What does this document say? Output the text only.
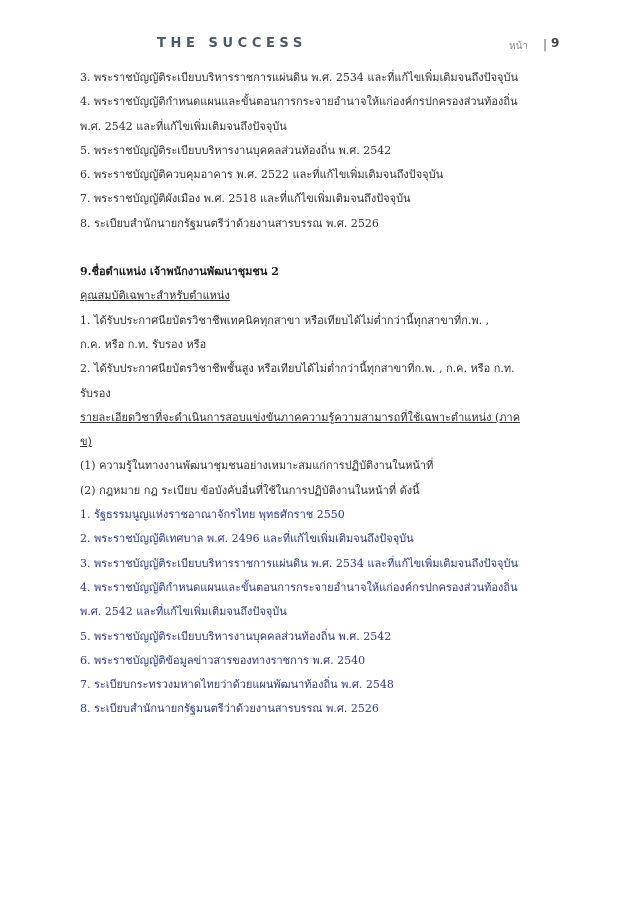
THE SUCCESS	หน้า | 9
3. พระราชบัญญัติระเบียบบริหารราชการแผ่นดิน พ.ศ. 2534 และที่แก้ไขเพิ่มเติมจนถึงปัจจุบัน
4. พระราชบัญญัติกำหนดแผนและขั้นตอนการกระจายอำนาจให้แก่องค์กรปกครองส่วนท้องถิ่น
พ.ศ. 2542 และที่แก้ไขเพิ่มเติมจนถึงปัจจุบัน
5. พระราชบัญญัติระเบียบบริหารงานบุคคลส่วนท้องถิ่น พ.ศ. 2542
6. พระราชบัญญัติควบคุมอาคาร พ.ศ. 2522 และที่แก้ไขเพิ่มเติมจนถึงปัจจุบัน
7. พระราชบัญญัติผังเมือง พ.ศ. 2518 และที่แก้ไขเพิ่มเติมจนถึงปัจจุบัน
8. ระเบียบสำนักนายกรัฐมนตรีว่าด้วยงานสารบรรณ พ.ศ. 2526
9.ชื่อตำแหน่ง เจ้าพนักงานพัฒนาชุมชน 2
คุณสมบัติเฉพาะสำหรับตำแหน่ง
1. ได้รับประกาศนียบัตรวิชาชีพเทคนิคทุกสาขา หรือเทียบได้ไม่ต่ำกว่านี้ทุกสาขาที่ก.พ. ,
ก.ค. หรือ ก.ท. รับรอง หรือ
2. ได้รับประกาศนียบัตรวิชาชีพชั้นสูง หรือเทียบได้ไม่ต่ำกว่านี้ทุกสาขาที่ก.พ. , ก.ค. หรือ ก.ท.
รับรอง
รายละเอียดวิชาที่จะดำเนินการสอบแข่งขันภาคความรู้ความสามารถที่ใช้เฉพาะตำแหน่ง (ภาค
ข)
(1) ความรู้ในทางงานพัฒนาชุมชนอย่างเหมาะสมแก่การปฏิบัติงานในหน้าที่
(2) กฎหมาย กฎ ระเบียบ ข้อบังคับอื่นที่ใช้ในการปฏิบัติงานในหน้าที่ ดังนี้
1. รัฐธรรมนูญแห่งราชอาณาจักรไทย พุทธศักราช 2550
2. พระราชบัญญัติเทศบาล พ.ศ. 2496 และที่แก้ไขเพิ่มเติมจนถึงปัจจุบัน
3. พระราชบัญญัติระเบียบบริหารราชการแผ่นดิน พ.ศ. 2534 และที่แก้ไขเพิ่มเติมจนถึงปัจจุบัน
4. พระราชบัญญัติกำหนดแผนและขั้นตอนการกระจายอำนาจให้แก่องค์กรปกครองส่วนท้องถิ่น
พ.ศ. 2542 และที่แก้ไขเพิ่มเติมจนถึงปัจจุบัน
5. พระราชบัญญัติระเบียบบริหารงานบุคคลส่วนท้องถิ่น พ.ศ. 2542
6. พระราชบัญญัติข้อมูลข่าวสารของทางราชการ พ.ศ. 2540
7. ระเบียบกระทรวงมหาดไทยว่าด้วยแผนพัฒนาท้องถิ่น พ.ศ. 2548
8. ระเบียบสำนักนายกรัฐมนตรีว่าด้วยงานสารบรรณ พ.ศ. 2526
